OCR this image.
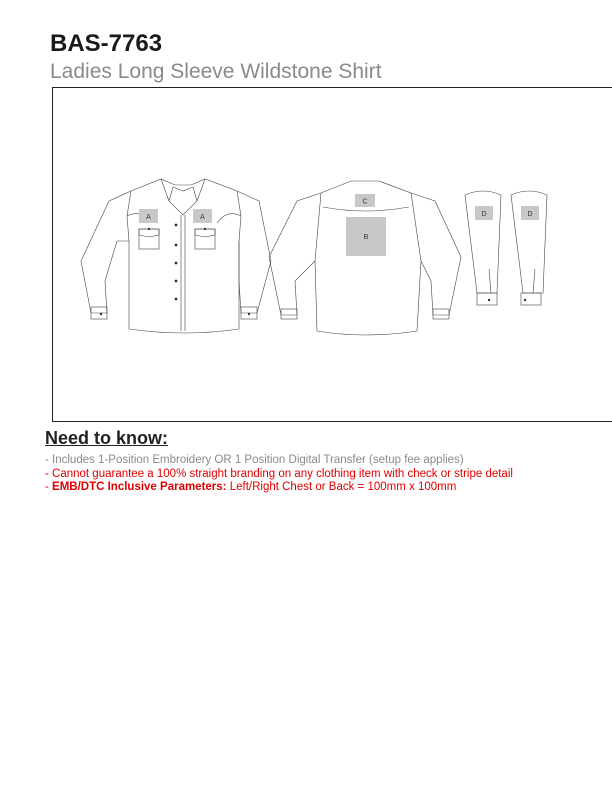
BAS-7763
Ladies Long Sleeve Wildstone Shirt
A	A
C
B
D	D
Need to know:
- Includes 1-Position Embroidery OR 1 Position Digital Transfer (setup fee applies)
- Cannot guarantee a 100% straight branding on any clothing item with check or stripe detail
- EMB/DTC Inclusive Parameters: Left/Right Chest or Back = 100mm x 100mm
